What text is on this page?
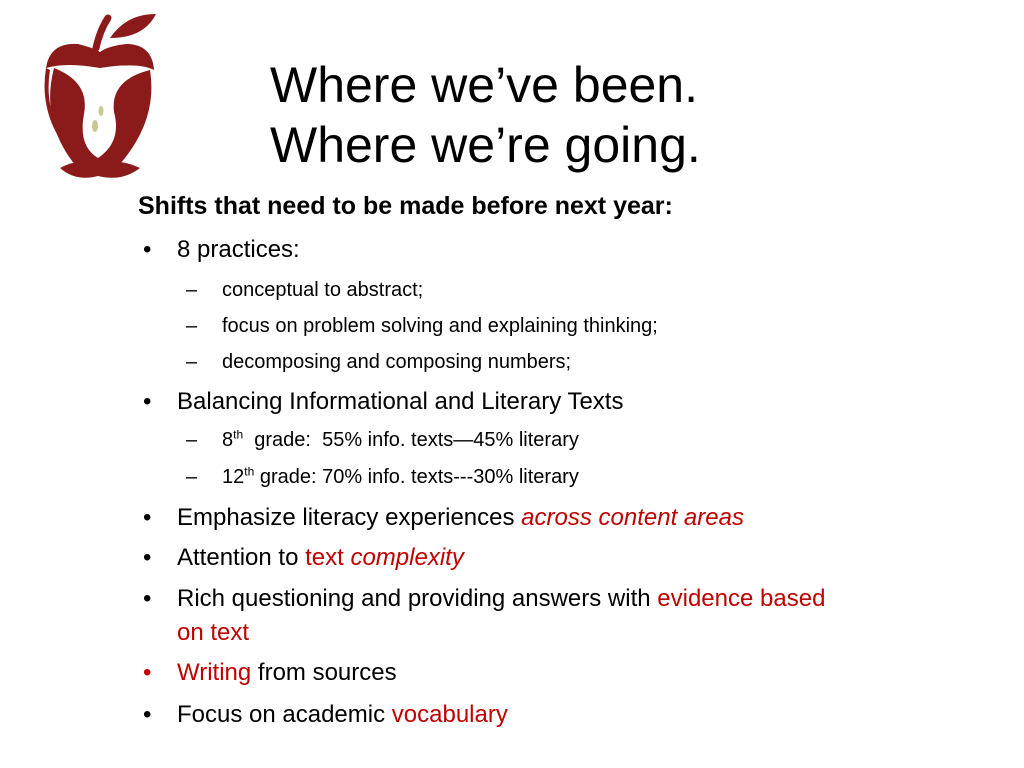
Where we’ve been.
Where we’re going.
Shifts that need to be made before next year:
• 8 practices:
– conceptual to abstract;
– focus on problem solving and explaining thinking;
– decomposing and composing numbers;
• Balancing Informational and Literary Texts
– 8th  grade:  55% info. texts—45% literary
– 12th grade: 70% info. texts---30% literary
• Emphasize literacy experiences across content areas
• Attention to text complexity
• Rich questioning and providing answers with evidence based
on text
• Writing from sources
• Focus on academic vocabulary
